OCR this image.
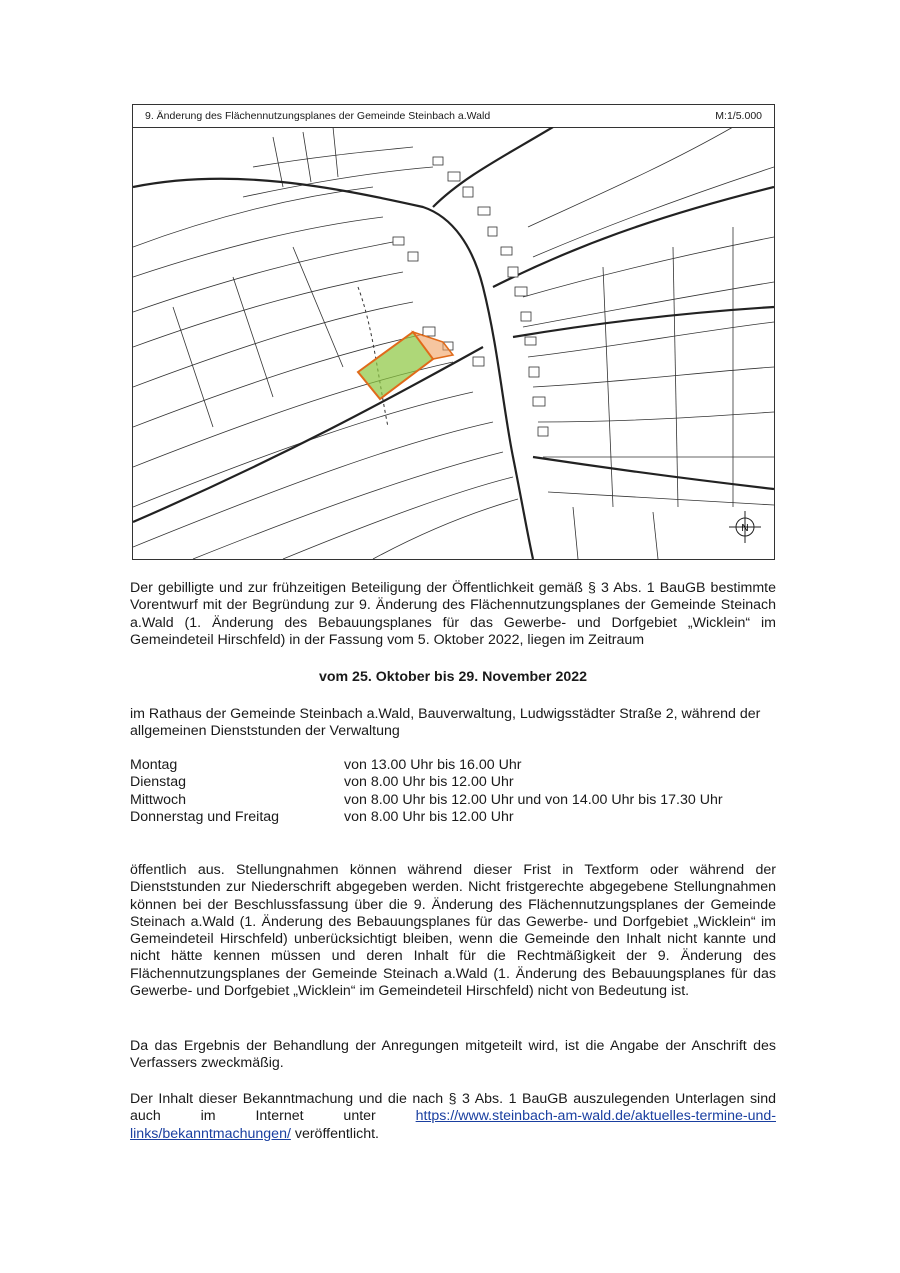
9. Änderung des Flächennutzungsplanes der Gemeinde Steinbach a.Wald	M:1/5.000
N
Der gebilligte und zur frühzeitigen Beteiligung der Öffentlichkeit gemäß § 3 Abs. 1 BauGB bestimmte Vorentwurf mit der Begründung zur 9. Änderung des Flächennutzungsplanes der Gemeinde Steinach a.Wald (1. Änderung des Bebauungsplanes für das Gewerbe- und Dorfgebiet „Wicklein“ im Gemeindeteil Hirschfeld) in der Fassung vom 5. Oktober 2022, liegen im Zeitraum
vom 25. Oktober bis 29. November 2022
im Rathaus der Gemeinde Steinbach a.Wald, Bauverwaltung, Ludwigsstädter Straße 2, während der allgemeinen Dienststunden der Verwaltung
Montag	von 13.00 Uhr bis 16.00 Uhr
Dienstag	von 8.00 Uhr bis 12.00 Uhr
Mittwoch	von 8.00 Uhr bis 12.00 Uhr und von 14.00 Uhr bis 17.30 Uhr
Donnerstag und Freitag	von 8.00 Uhr bis 12.00 Uhr
öffentlich aus. Stellungnahmen können während dieser Frist in Textform oder während der Dienststunden zur Niederschrift abgegeben werden. Nicht fristgerechte abgegebene Stellungnahmen können bei der Beschlussfassung über die 9. Änderung des Flächennutzungsplanes der Gemeinde Steinach a.Wald (1. Änderung des Bebauungsplanes für das Gewerbe- und Dorfgebiet „Wicklein“ im Gemeindeteil Hirschfeld) unberücksichtigt bleiben, wenn die Gemeinde den Inhalt nicht kannte und nicht hätte kennen müssen und deren Inhalt für die Rechtmäßigkeit der 9. Änderung des Flächennutzungsplanes der Gemeinde Steinach a.Wald (1. Änderung des Bebauungsplanes für das Gewerbe- und Dorfgebiet „Wicklein“ im Gemeindeteil Hirschfeld) nicht von Bedeutung ist.
Da das Ergebnis der Behandlung der Anregungen mitgeteilt wird, ist die Angabe der Anschrift des Verfassers zweckmäßig.
Der Inhalt dieser Bekanntmachung und die nach § 3 Abs. 1 BauGB auszulegenden Unterlagen sind auch im Internet unter https://www.steinbach-am-wald.de/aktuelles-termine-und-links/bekanntmachungen/ veröffentlicht.
